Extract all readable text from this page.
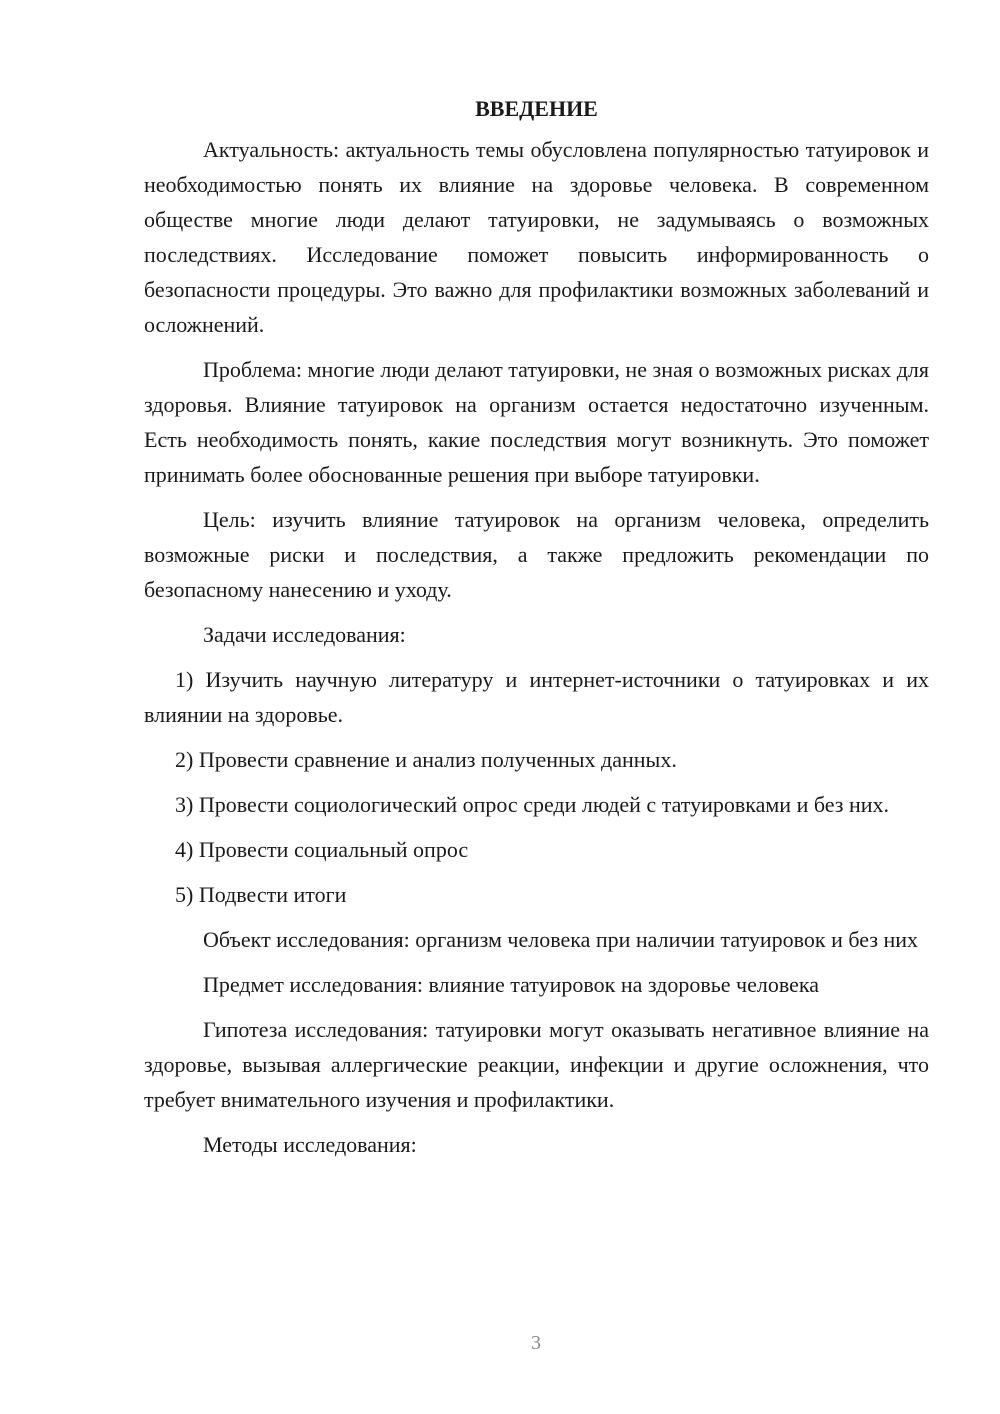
ВВЕДЕНИЕ

Актуальность: актуальность темы обусловлена популярностью татуировок и необходимостью понять их влияние на здоровье человека. В современном обществе многие люди делают татуировки, не задумываясь о возможных последствиях. Исследование поможет повысить информированность о безопасности процедуры. Это важно для профилактики возможных заболеваний и осложнений.

Проблема: многие люди делают татуировки, не зная о возможных рисках для здоровья. Влияние татуировок на организм остается недостаточно изученным. Есть необходимость понять, какие последствия могут возникнуть. Это поможет принимать более обоснованные решения при выборе татуировки.

Цель: изучить влияние татуировок на организм человека, определить возможные риски и последствия, а также предложить рекомендации по безопасному нанесению и уходу.

Задачи исследования:

1) Изучить научную литературу и интернет-источники о татуировках и их влиянии на здоровье.

2) Провести сравнение и анализ полученных данных.

3) Провести социологический опрос среди людей с татуировками и без них.

4) Провести социальный опрос

5) Подвести итоги

Объект исследования: организм человека при наличии татуировок и без них

Предмет исследования: влияние татуировок на здоровье человека

Гипотеза исследования: татуировки могут оказывать негативное влияние на здоровье, вызывая аллергические реакции, инфекции и другие осложнения, что требует внимательного изучения и профилактики.

Методы исследования:

3
